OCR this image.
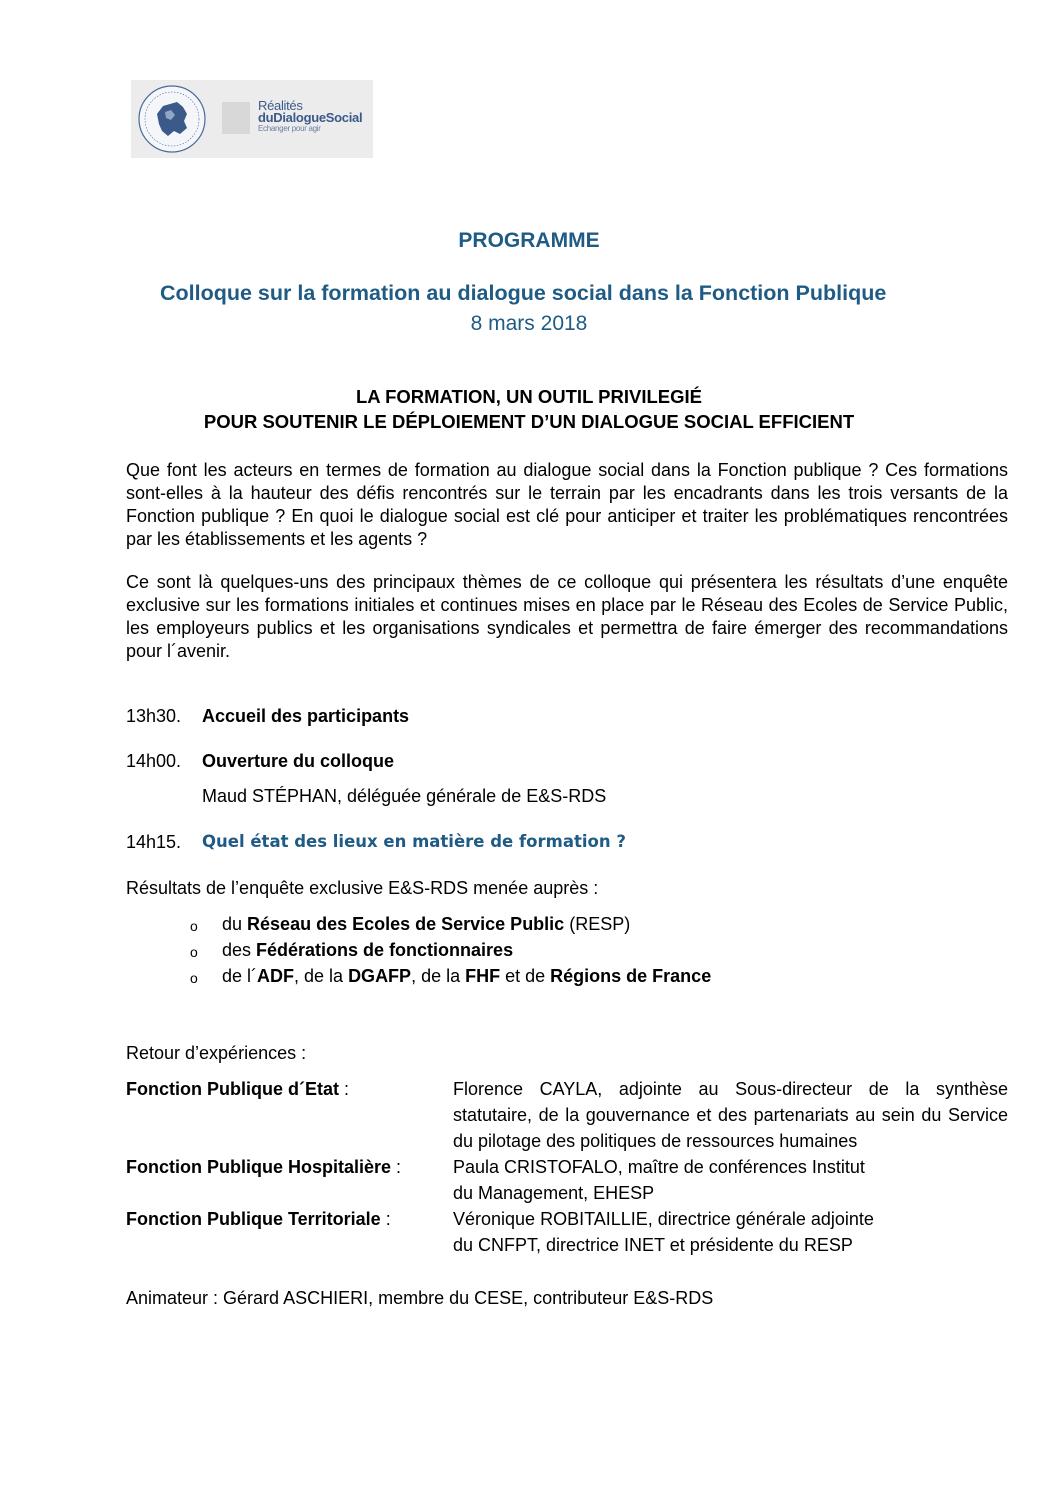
Réalités
duDialogueSocial
Echanger pour agir
PROGRAMME
Colloque sur la formation au dialogue social dans la Fonction Publique
8 mars 2018
LA FORMATION, UN OUTIL PRIVILEGIÉ
POUR SOUTENIR LE DÉPLOIEMENT D’UN DIALOGUE SOCIAL EFFICIENT
Que font les acteurs en termes de formation au dialogue social dans la Fonction publique ? Ces formations sont-elles à la hauteur des défis rencontrés sur le terrain par les encadrants dans les trois versants de la Fonction publique ? En quoi le dialogue social est clé pour anticiper et traiter les problématiques rencontrées par les établissements et les agents ?
Ce sont là quelques-uns des principaux thèmes de ce colloque qui présentera les résultats d’une enquête exclusive sur les formations initiales et continues mises en place par le Réseau des Ecoles de Service Public, les employeurs publics et les organisations syndicales et permettra de faire émerger des recommandations pour l´avenir.
13h30. Accueil des participants
14h00. Ouverture du colloque
Maud STÉPHAN, déléguée générale de E&S-RDS
14h15. Quel état des lieux en matière de formation ?
Résultats de l’enquête exclusive E&S-RDS menée auprès :
o du Réseau des Ecoles de Service Public (RESP)
o des Fédérations de fonctionnaires
o de l´ADF, de la DGAFP, de la FHF et de Régions de France
Retour d’expériences :
Fonction Publique d´Etat :	Florence CAYLA, adjointe au Sous-directeur de la synthèse statutaire, de la gouvernance et des partenariats au sein du Service du pilotage des politiques de ressources humaines
Fonction Publique Hospitalière :	Paula CRISTOFALO, maître de conférences Institut
du Management, EHESP
Fonction Publique Territoriale :	Véronique ROBITAILLIE, directrice générale adjointe
du CNFPT, directrice INET et présidente du RESP
Animateur : Gérard ASCHIERI, membre du CESE, contributeur E&S-RDS
